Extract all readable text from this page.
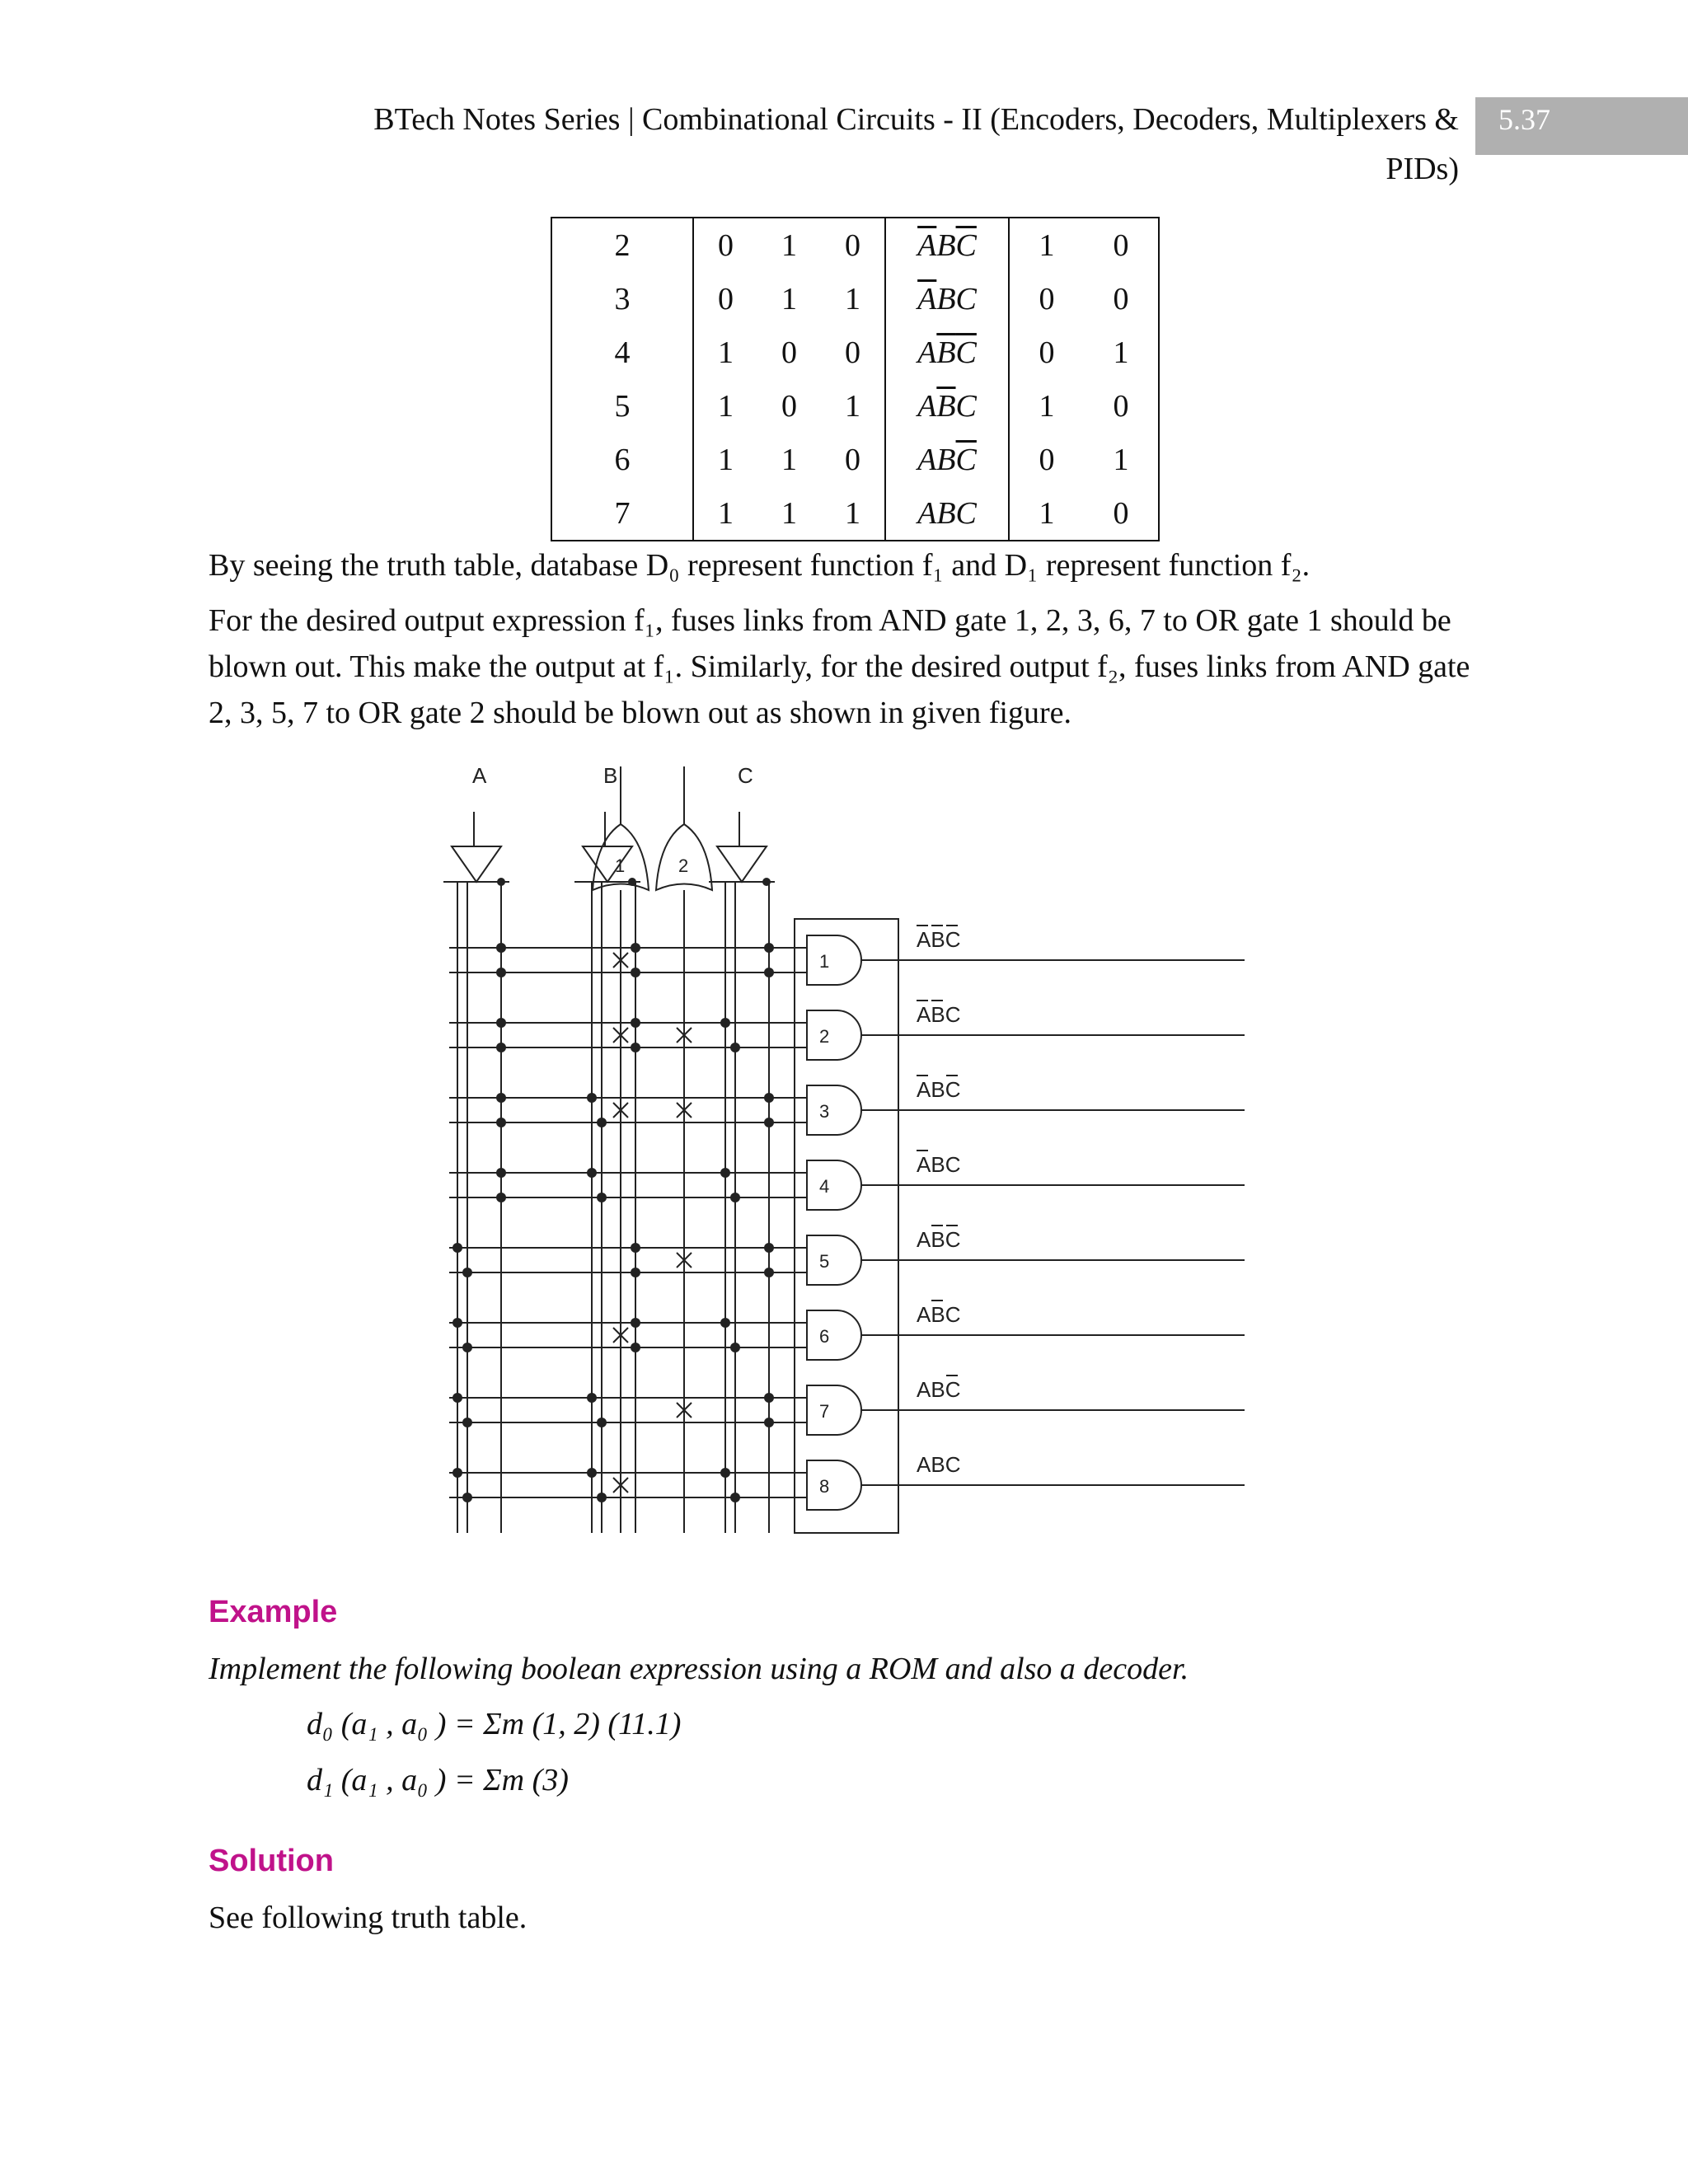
BTech Notes Series | Combinational Circuits - II (Encoders, Decoders, Multiplexers &
PIDs)
5.37
2	0	1	0	$\overline{A}B\overline{C}$	1	0
3	0	1	1	$\overline{A}BC$	0	0
4	1	0	0	$A\overline{B}\overline{C}$	0	1
5	1	0	1	$A\overline{B}C$	1	0
6	1	1	0	$AB\overline{C}$	0	1
7	1	1	1	ABC	1	0

By seeing the truth table, database D₀ represent function f₁ and D₁ represent function f₂.

For the desired output expression f₁, fuses links from AND gate 1, 2, 3, 6, 7 to OR gate 1 should be blown out. This make the output at f₁. Similarly, for the desired output f₂, fuses links from AND gate 2, 3, 5, 7 to OR gate 2 should be blown out as shown in given figure.

A	B	C
1	2
1
ABC
2
ABC
3
ABC
4
ABC
5
ABC
6
ABC
7
ABC
8
ABC
Example

Implement the following boolean expression using a ROM and also a decoder.

d₀ (a₁ , a₀ ) = Σm (1, 2) (11.1)

d₁ (a₁ , a₀ ) = Σm (3)

Solution

See following truth table.
